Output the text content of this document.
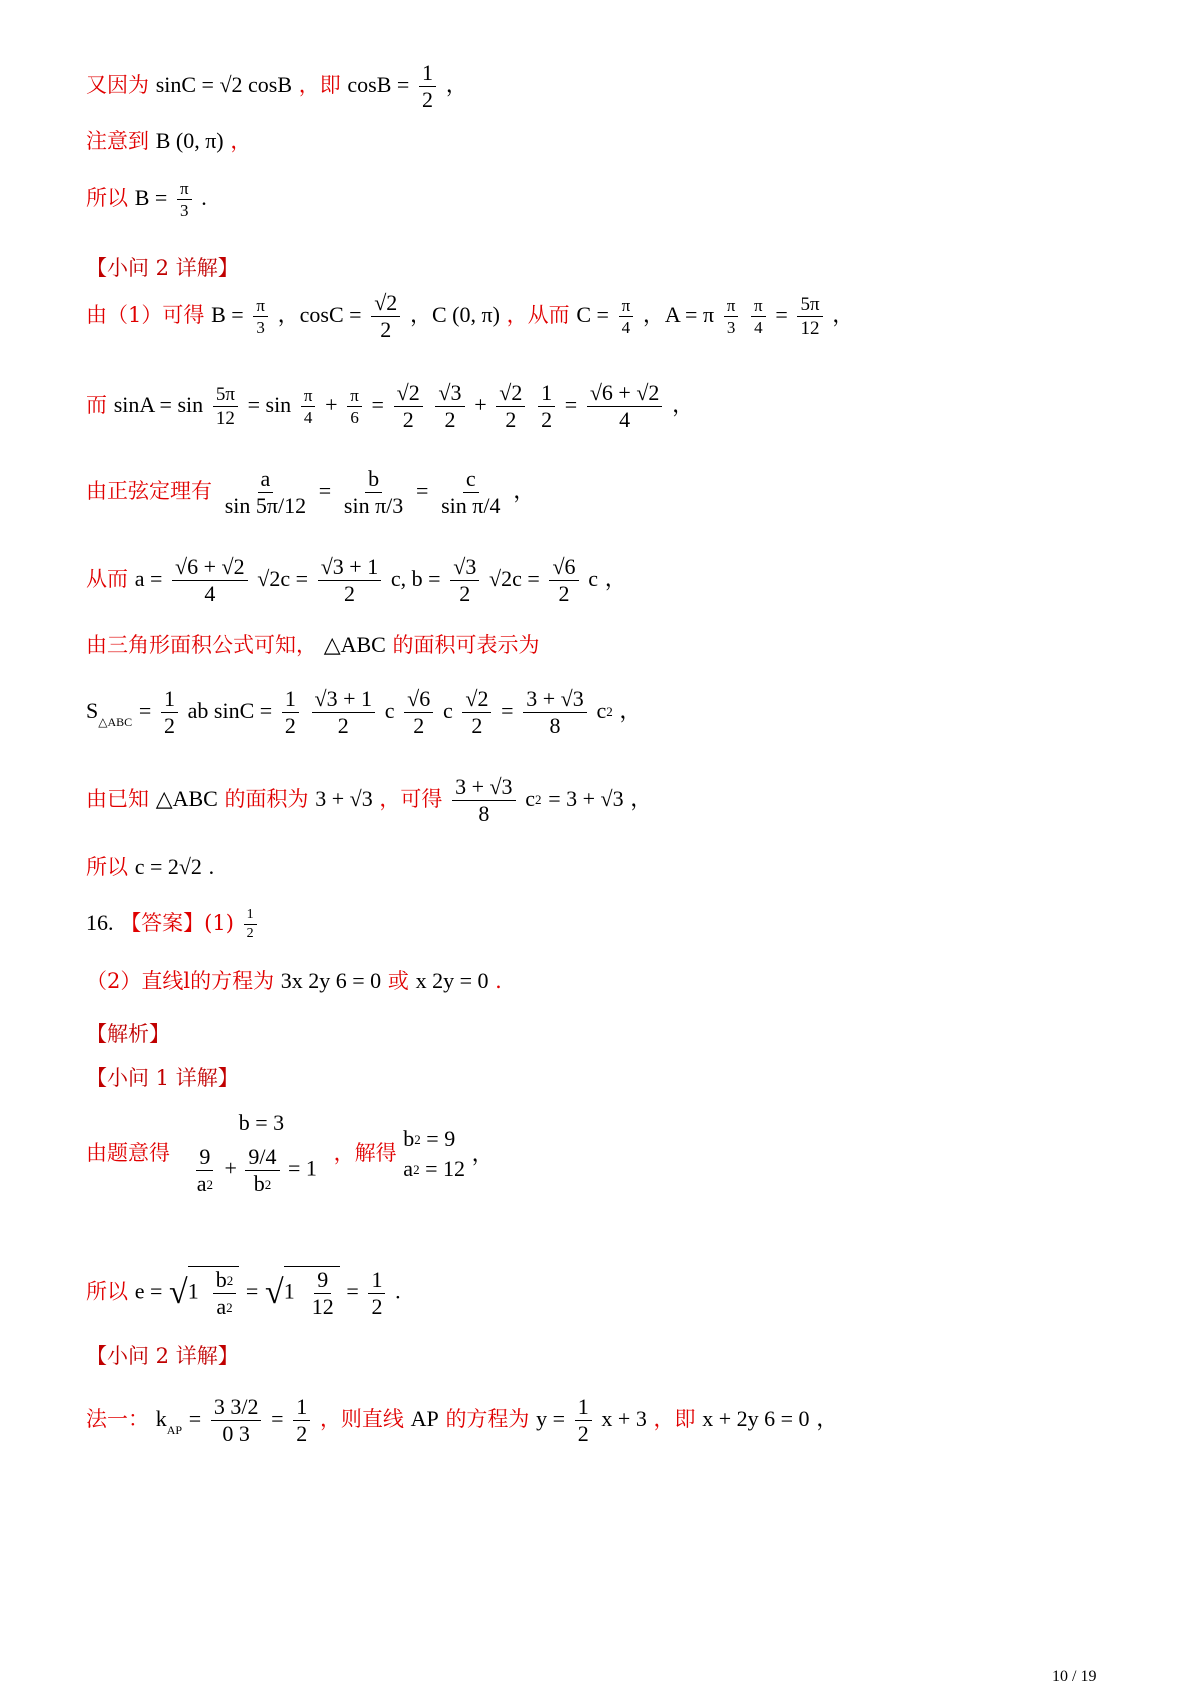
又因为 sinC = √2 cosB ，即 $\cos B = \frac{1}{2}$ ，
注意到 B (0, π) ，
所以 $B = \frac{\pi}{3}$ .
【小问 2 详解】
由（1）可得 $B = \frac{\pi}{3}$ ，$\cos C = \frac{√2}{2}$ ，C (0, π) ，从而 $C = \frac{\pi}{4}$ ，A = π $\frac{\pi}{3}$
$\frac{\pi}{4} = \frac{5\pi}{12}$ ，
而 $\sin A = \sin \frac{5\pi}{12} = \sin \frac{\pi}{4} + \frac{\pi}{6} = \frac{√2}{2}$
$\frac{√3}{2} + \frac{√2}{2}$
$\frac{1}{2} = \frac{√6 + √2}{4}$ ，
由正弦定理有 $\frac{a}{\sin 5\pi/12} = \frac{b}{\text{sin π/3}} = \frac{c}{\text{sin π/4}}$ ，
从而 $a = \frac{√6 + √2}{4} √2c = \frac{√3 + 1}{2} c$, $b = \frac{√3}{2} √2c = \frac{√6}{2}$ c ，
由三角形面积公式可知， △ABC 的面积可表示为
$S_{\triangle ABC} = \frac{1}{2}$ ab $\sin C = \frac{1}{2}$
$\frac{√3 + 1}{2}$ c $\frac{√6}{2}$ c $\frac{√2}{2} = \frac{3 + √3}{8} c2$ ，
由已知 △ABC 的面积为 3 + √3 ，可得 $\frac{3 + √3}{8} c2 = 3 + √3$ ，
所以 c = 2√2 .
16. 【答案】$(1) \frac{1}{2}$
（2）直线l的方程为 3x 2y 6 = 0 或 x 2y = 0 .
【解析】
【小问 1 详解】
由题意得
b = 3
$\frac{9}{a2} + \frac{9/4}{b2} = 1$
，解得
b2 = 9
a2 = 12
，
所以 $e = √1 \frac{b2}{a2} = √1 \frac{9}{12} = \frac{1}{2}$ .
【小问 2 详解】
法一： $k_{AP} = \frac{3 3/2}{0 3} = \frac{1}{2}$ ，则直线 AP 的方程为 $y = \frac{1}{2}$ x + 3 ，即 x + 2y 6 = 0 ，
10 / 19
